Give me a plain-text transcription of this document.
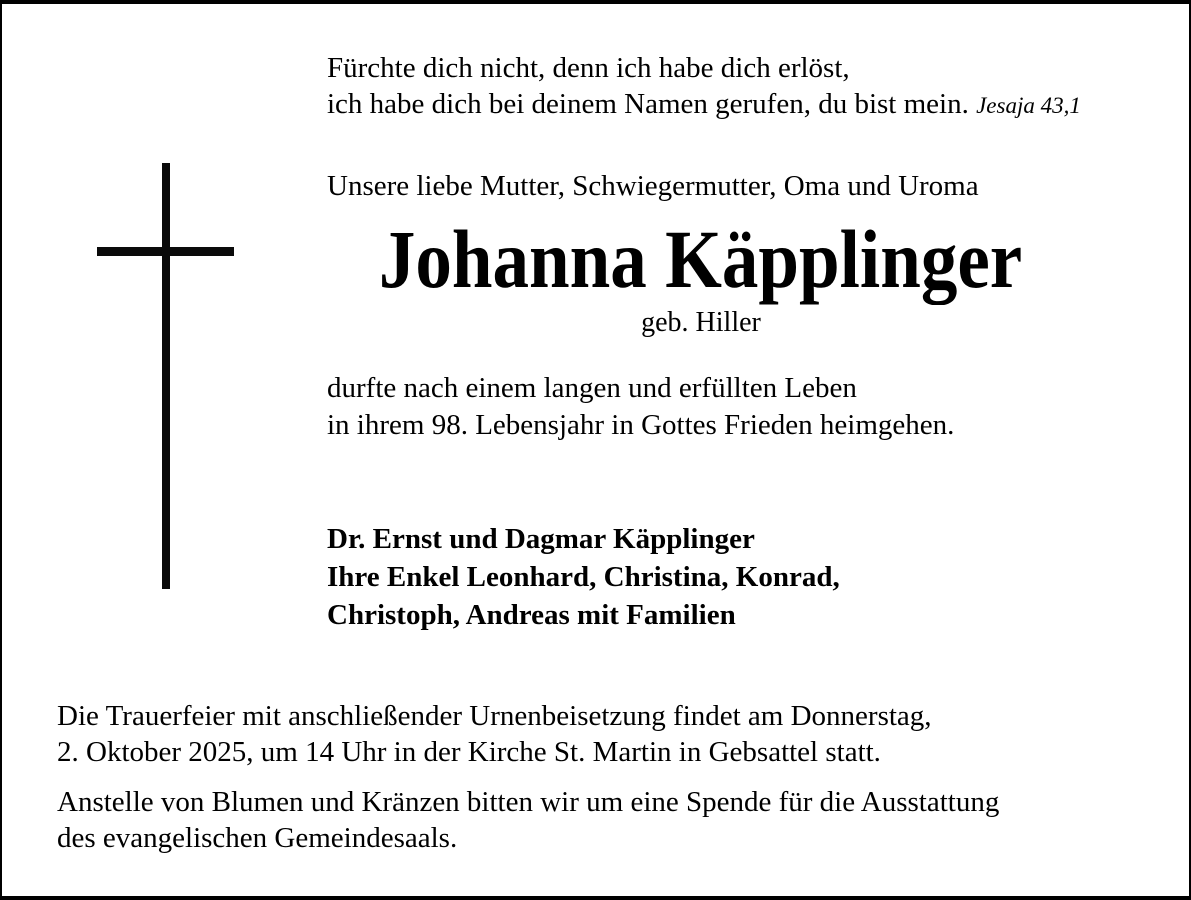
Fürchte dich nicht, denn ich habe dich erlöst,
ich habe dich bei deinem Namen gerufen, du bist mein. Jesaja 43,1
Unsere liebe Mutter, Schwiegermutter, Oma und Uroma
Johanna Käpplinger
geb. Hiller
durfte nach einem langen und erfüllten Leben
in ihrem 98. Lebensjahr in Gottes Frieden heimgehen.
Dr. Ernst und Dagmar Käpplinger
Ihre Enkel Leonhard, Christina, Konrad,
Christoph, Andreas mit Familien
Die Trauerfeier mit anschließender Urnenbeisetzung findet am Donnerstag,
2. Oktober 2025, um 14 Uhr in der Kirche St. Martin in Gebsattel statt.
Anstelle von Blumen und Kränzen bitten wir um eine Spende für die Ausstattung
des evangelischen Gemeindesaals.
